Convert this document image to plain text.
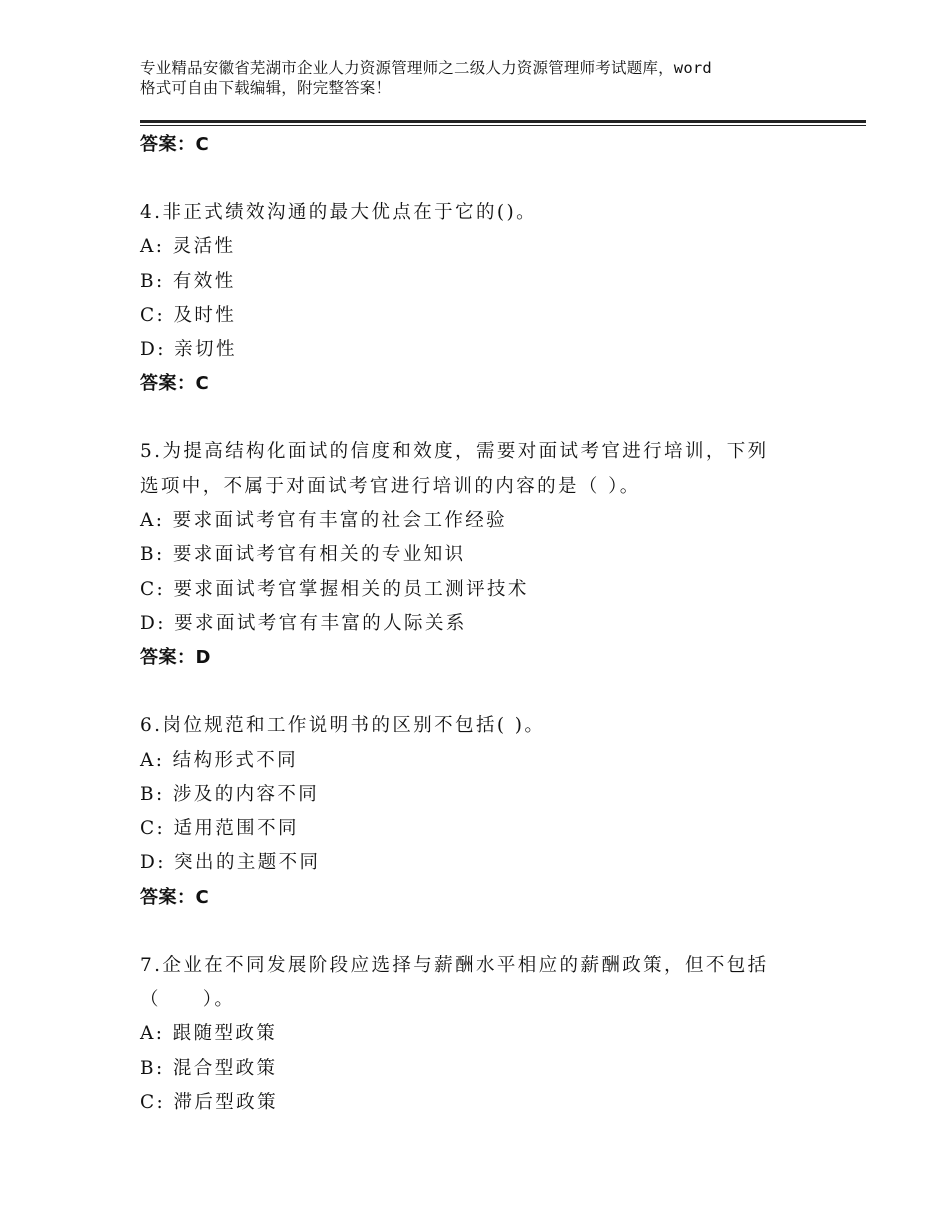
专业精品安徽省芜湖市企业人力资源管理师之二级人力资源管理师考试题库，word
格式可自由下载编辑，附完整答案！
答案：C
4.非正式绩效沟通的最大优点在于它的()。
A: 灵活性
B: 有效性
C: 及时性
D: 亲切性
答案：C
5.为提高结构化面试的信度和效度，需要对面试考官进行培训，下列
选项中，不属于对面试考官进行培训的内容的是（ ）。
A: 要求面试考官有丰富的社会工作经验
B: 要求面试考官有相关的专业知识
C: 要求面试考官掌握相关的员工测评技术
D: 要求面试考官有丰富的人际关系
答案：D
6.岗位规范和工作说明书的区别不包括( )。
A: 结构形式不同
B: 涉及的内容不同
C: 适用范围不同
D: 突出的主题不同
答案：C
7.企业在不同发展阶段应选择与薪酬水平相应的薪酬政策，但不包括
（　　）。
A: 跟随型政策
B: 混合型政策
C: 滞后型政策
